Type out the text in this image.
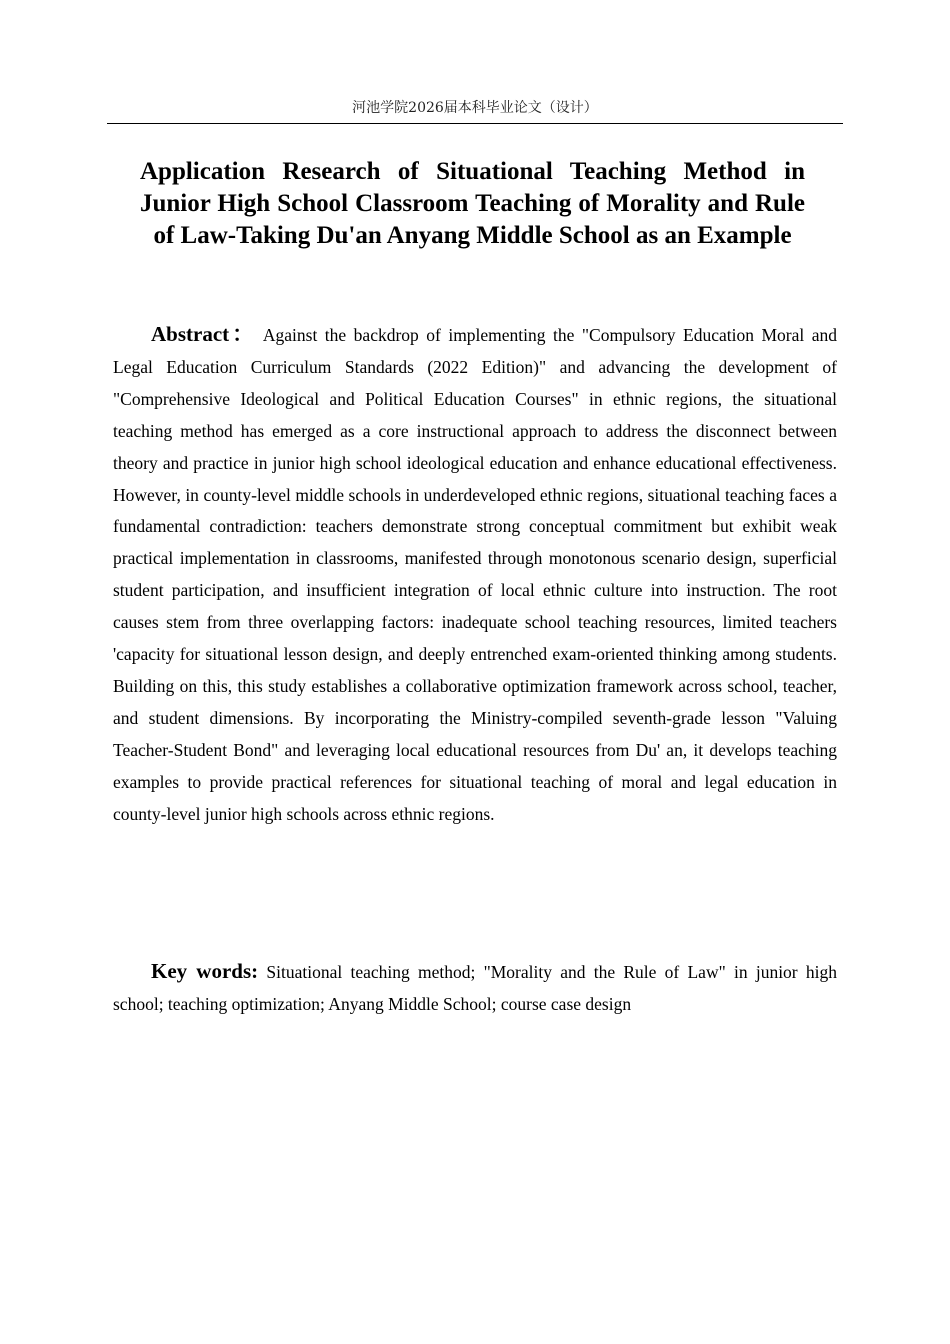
河池学院2026届本科毕业论文（设计）
Application Research of Situational Teaching Method in Junior High School Classroom Teaching of Morality and Rule of Law-Taking Du'an Anyang Middle School as an Example

Abstract： Against the backdrop of implementing the "Compulsory Education Moral and Legal Education Curriculum Standards (2022 Edition)" and advancing the development of "Comprehensive Ideological and Political Education Courses" in ethnic regions, the situational teaching method has emerged as a core instructional approach to address the disconnect between theory and practice in junior high school ideological education and enhance educational effectiveness. However, in county-level middle schools in underdeveloped ethnic regions, situational teaching faces a fundamental contradiction: teachers demonstrate strong conceptual commitment but exhibit weak practical implementation in classrooms, manifested through monotonous scenario design, superficial student participation, and insufficient integration of local ethnic culture into instruction. The root causes stem from three overlapping factors: inadequate school teaching resources, limited teachers 'capacity for situational lesson design, and deeply entrenched exam-oriented thinking among students. Building on this, this study establishes a collaborative optimization framework across school, teacher, and student dimensions. By incorporating the Ministry-compiled seventh-grade lesson "Valuing Teacher-Student Bond" and leveraging local educational resources from Du' an, it develops teaching examples to provide practical references for situational teaching of moral and legal education in county-level junior high schools across ethnic regions.

Key words: Situational teaching method; "Morality and the Rule of Law" in junior high school; teaching optimization; Anyang Middle School; course case design
